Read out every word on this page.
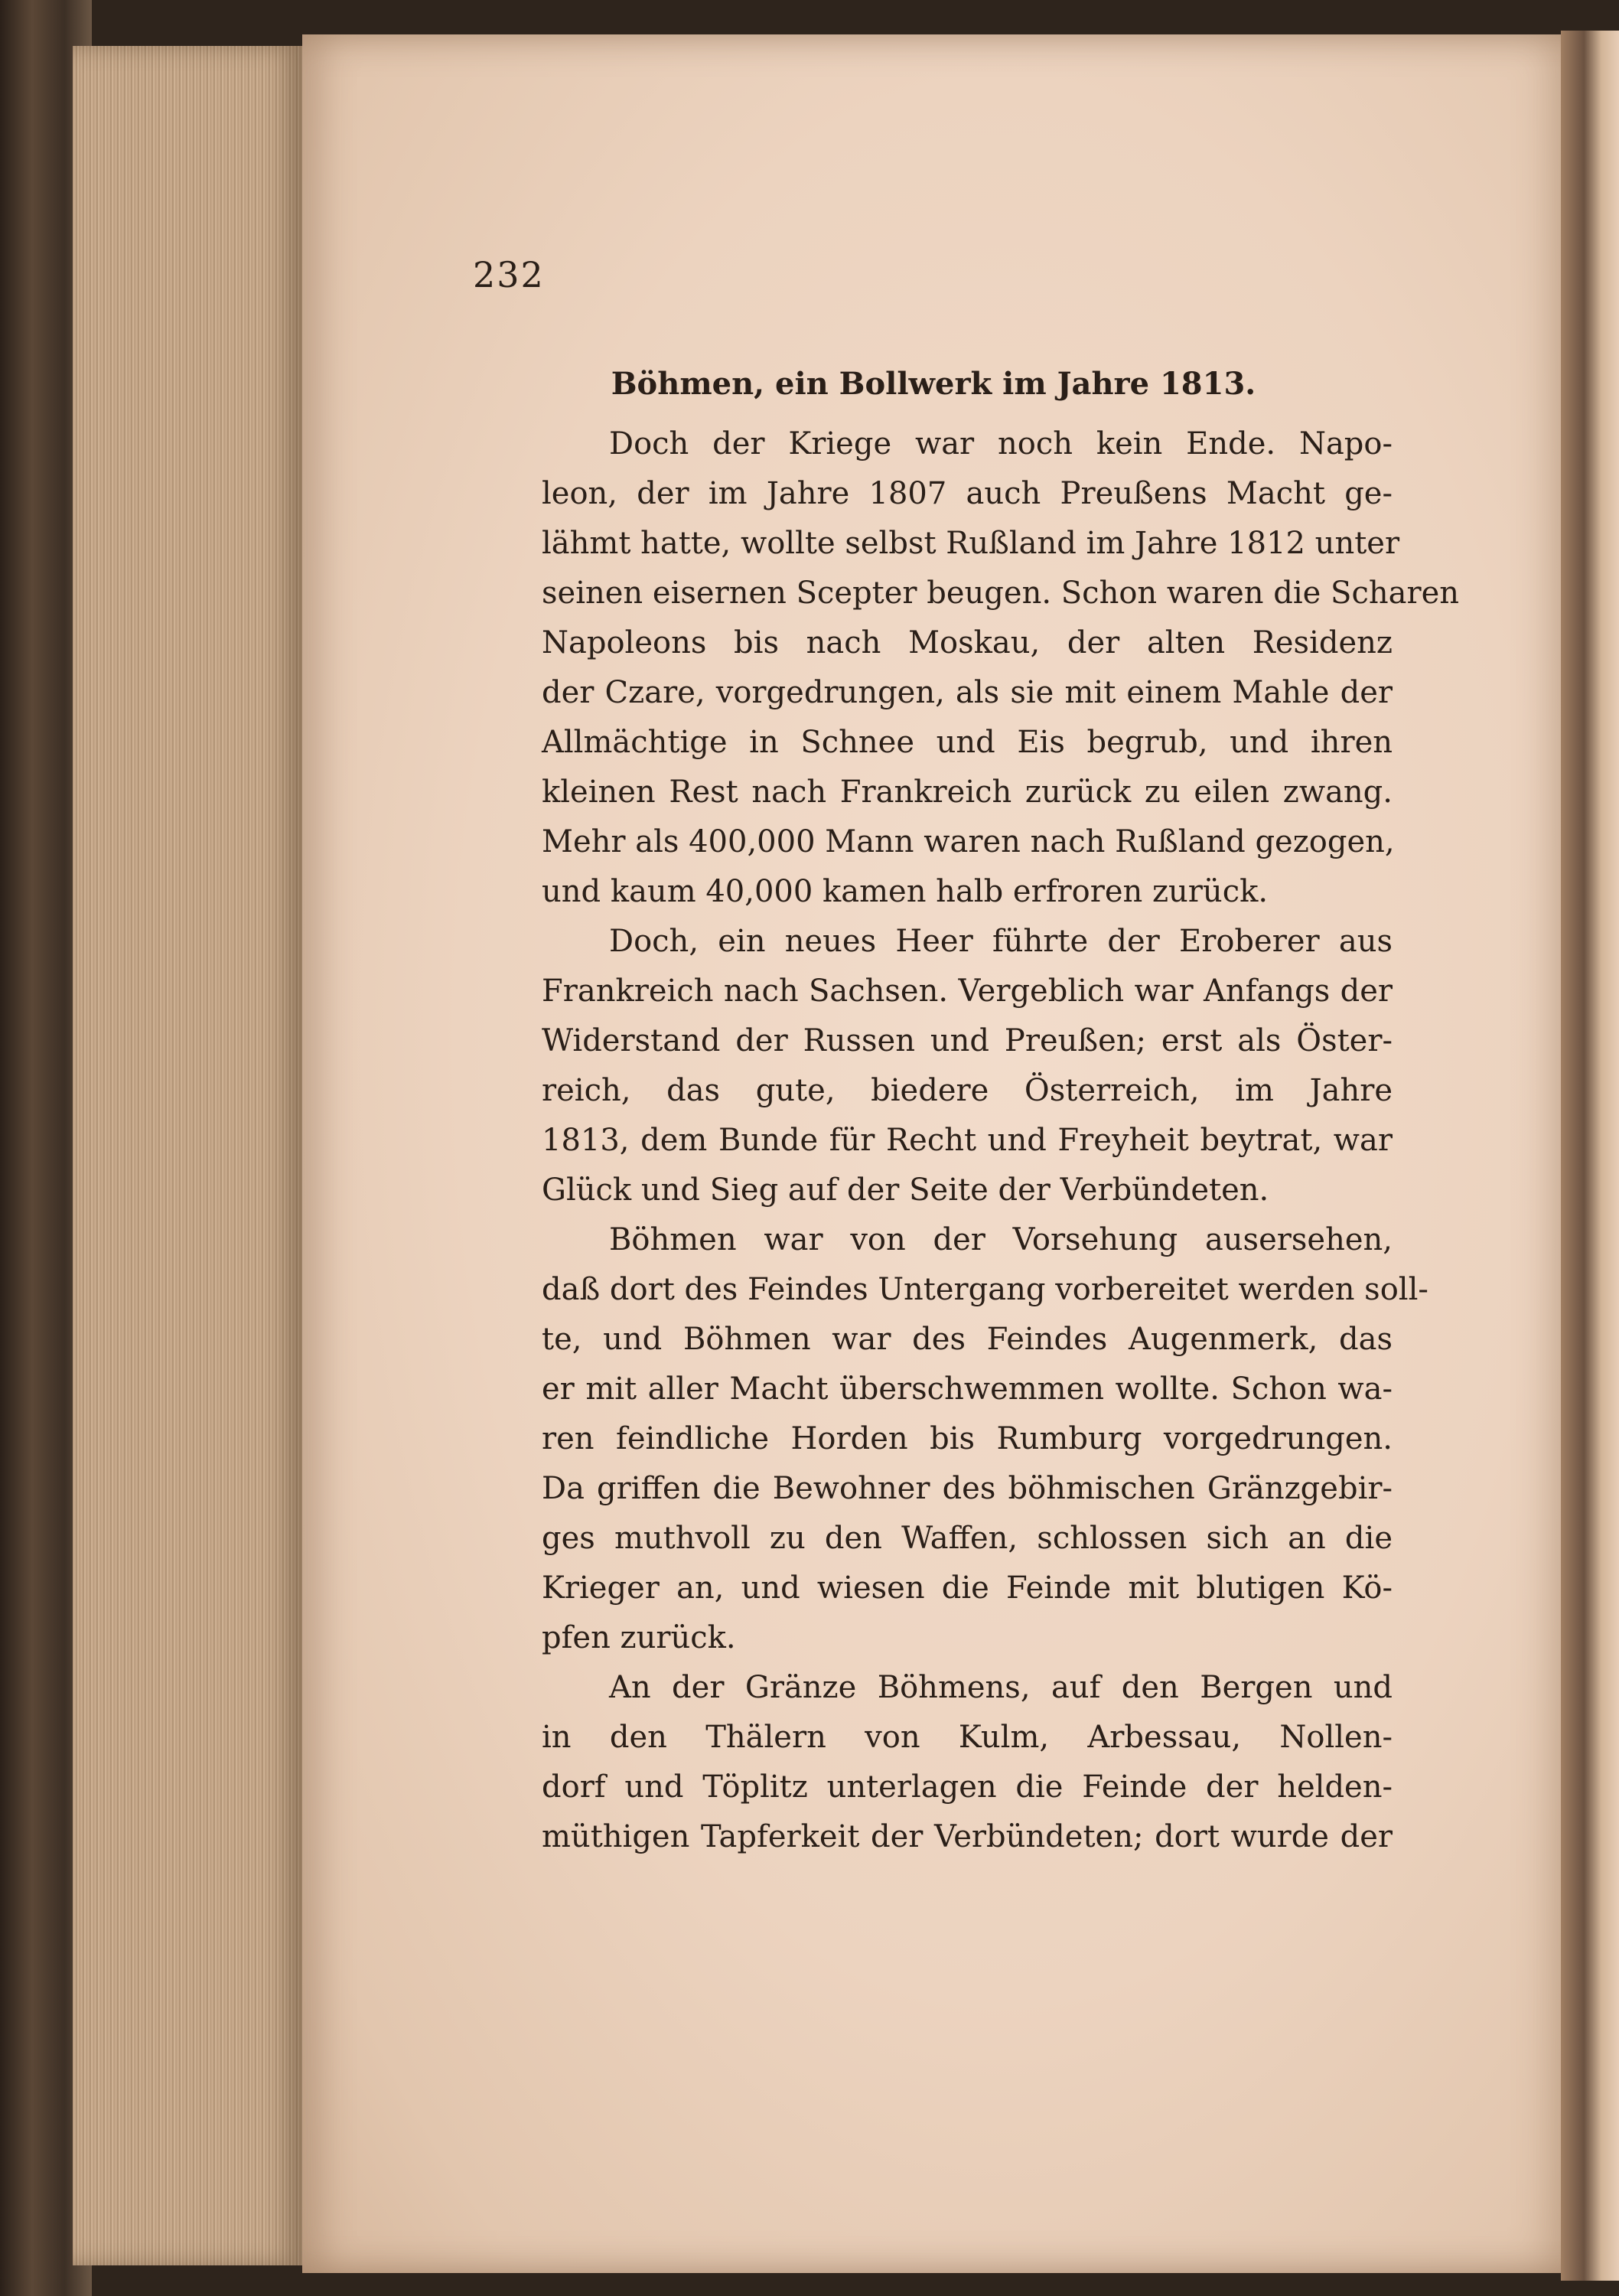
232
Böhmen, ein Bollwerk im Jahre 1813.

Doch der Kriege war noch kein Ende. Napo-
leon, der im Jahre 1807 auch Preußens Macht ge-
lähmt hatte, wollte selbst Rußland im Jahre 1812 unter
seinen eisernen Scepter beugen. Schon waren die Scharen
Napoleons bis nach Moskau, der alten Residenz
der Czare, vorgedrungen, als sie mit einem Mahle der
Allmächtige in Schnee und Eis begrub, und ihren
kleinen Rest nach Frankreich zurück zu eilen zwang.
Mehr als 400,000 Mann waren nach Rußland gezogen,
und kaum 40,000 kamen halb erfroren zurück.

Doch, ein neues Heer führte der Eroberer aus
Frankreich nach Sachsen. Vergeblich war Anfangs der
Widerstand der Russen und Preußen; erst als Öster-
reich, das gute, biedere Österreich, im Jahre
1813, dem Bunde für Recht und Freyheit beytrat, war
Glück und Sieg auf der Seite der Verbündeten.

Böhmen war von der Vorsehung ausersehen,
daß dort des Feindes Untergang vorbereitet werden soll-
te, und Böhmen war des Feindes Augenmerk, das
er mit aller Macht überschwemmen wollte. Schon wa-
ren feindliche Horden bis Rumburg vorgedrungen.
Da griffen die Bewohner des böhmischen Gränzgebir-
ges muthvoll zu den Waffen, schlossen sich an die
Krieger an, und wiesen die Feinde mit blutigen Kö-
pfen zurück.

An der Gränze Böhmens, auf den Bergen und
in den Thälern von Kulm, Arbessau, Nollen-
dorf und Töplitz unterlagen die Feinde der helden-
müthigen Tapferkeit der Verbündeten; dort wurde der
